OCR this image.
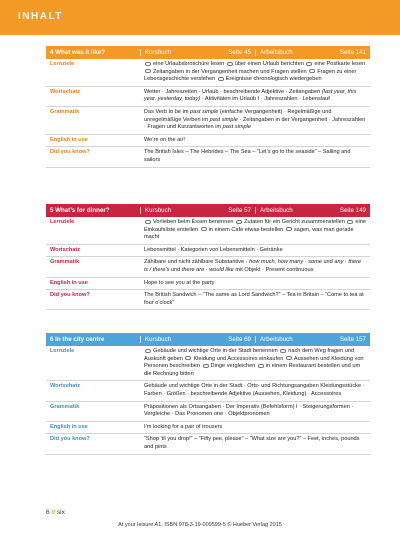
INHALT
4 What was it like?	Kursbuch	Seite 45 Arbeitsbuch	Seite 141
Lernziele	eine Urlaubsbroschüre lesen über einen Urlaub berichten eine Postkarte lesen Zeitangaben in der Vergangenheit machen und Fragen stellen Fragen zu einer Lebensgeschichte verstehen Ereignisse chronologisch wiedergeben
Wortschatz	Wetter · Jahreszeiten · Urlaub · beschreibende Adjektive · Zeitangaben (last year, this year, yesterday, today) · Aktivitäten im Urlaub I · Jahreszahlen · Lebenslauf
Grammatik	Das Verb to be im past simple (einfache Vergangenheit) · Regelmäßige und unregelmäßige Verben im past simple · Zeitangaben in der Vergangenheit · Jahreszahlen · Fragen und Kurzantworten im past simple
English in use	We’re on the air!
Did you know?	The British Isles – The Hebrides – The Sea – “Let’s go to the seaside” – Sailing and sailors
5 What’s for dinner?	Kursbuch	Seite 57 Arbeitsbuch	Seite 149
Lernziele	Vorlieben beim Essen benennen Zutaten für ein Gericht zusammenstellen eine Einkaufsliste erstellen in einem Café etwas bestellen sagen, was man gerade macht
Wortschatz	Lebensmittel · Kategorien von Lebensmitteln · Getränke
Grammatik	Zählbare und nicht zählbare Substantive · how much, how many · some und any · there is / there’s und there are · would like mit Objekt · Present continuous
English in use	Hope to see you at the party
Did you know?	The British Sandwich – “The same as Lord Sandwich?” – Tea in Britain – “Come to tea at four o’clock”
6 In the city centre	Kursbuch	Seite 69 Arbeitsbuch	Seite 157
Lernziele	Gebäude und wichtige Orte in der Stadt benennen nach dem Weg fragen und Auskunft geben Kleidung und Accessoires einkaufen Aussehen und Kleidung von Personen beschreiben Dinge vergleichen in einem Restaurant bestellen und um die Rechnung bitten
Wortschatz	Gebäude und wichtige Orte in der Stadt · Orts- und Richtungsangaben Kleidungsstücke · Farben · Größen · beschreibende Adjektive (Aussehen, Kleidung) · Accessoires
Grammatik	Präpositionen als Ortsangaben · Der Imperativ (Befehlsform) I · Steigerungsformen · Vergleiche · Das Pronomen one · Objektpronomen
English in use	I’m looking for a pair of trousers
Did you know?	“Shop ’til you drop!” – “Fifty pee, please” – “What size are you?” – Feet, inches, pounds and pints
6 // six
At your leisure A1, ISBN 978-3-19-009599-5 © Hueber Verlag 2015
